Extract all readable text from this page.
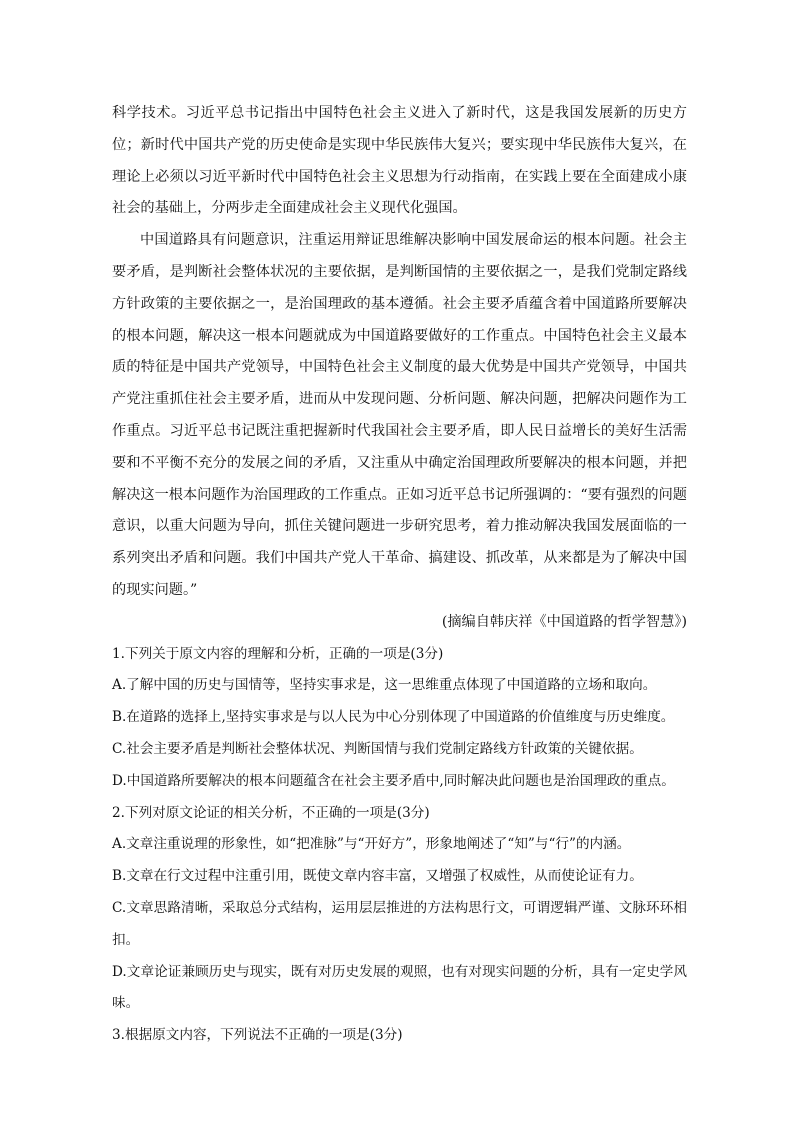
科学技术。习近平总书记指出中国特色社会主义进入了新时代，这是我国发展新的历史方位；新时代中国共产党的历史使命是实现中华民族伟大复兴；要实现中华民族伟大复兴，在理论上必须以习近平新时代中国特色社会主义思想为行动指南，在实践上要在全面建成小康社会的基础上，分两步走全面建成社会主义现代化强国。

中国道路具有问题意识，注重运用辩证思维解决影响中国发展命运的根本问题。社会主要矛盾，是判断社会整体状况的主要依据，是判断国情的主要依据之一，是我们党制定路线方针政策的主要依据之一，是治国理政的基本遵循。社会主要矛盾蕴含着中国道路所要解决的根本问题，解决这一根本问题就成为中国道路要做好的工作重点。中国特色社会主义最本质的特征是中国共产党领导，中国特色社会主义制度的最大优势是中国共产党领导，中国共产党注重抓住社会主要矛盾，进而从中发现问题、分析问题、解决问题，把解决问题作为工作重点。习近平总书记既注重把握新时代我国社会主要矛盾，即人民日益增长的美好生活需要和不平衡不充分的发展之间的矛盾，又注重从中确定治国理政所要解决的根本问题，并把解决这一根本问题作为治国理政的工作重点。正如习近平总书记所强调的：“要有强烈的问题意识，以重大问题为导向，抓住关键问题进一步研究思考，着力推动解决我国发展面临的一系列突出矛盾和问题。我们中国共产党人干革命、搞建设、抓改革，从来都是为了解决中国的现实问题。”

(摘编自韩庆祥《中国道路的哲学智慧》)

1.下列关于原文内容的理解和分析，正确的一项是(3分)

A.了解中国的历史与国情等，坚持实事求是，这一思维重点体现了中国道路的立场和取向。

B.在道路的选择上,坚持实事求是与以人民为中心分别体现了中国道路的价值维度与历史维度。

C.社会主要矛盾是判断社会整体状况、判断国情与我们党制定路线方针政策的关键依据。

D.中国道路所要解决的根本问题蕴含在社会主要矛盾中,同时解决此问题也是治国理政的重点。

2.下列对原文论证的相关分析，不正确的一项是(3分)

A.文章注重说理的形象性，如“把准脉”与“开好方”，形象地阐述了“知”与“行”的内涵。

B.文章在行文过程中注重引用，既使文章内容丰富，又增强了权威性，从而使论证有力。

C.文章思路清晰，采取总分式结构，运用层层推进的方法构思行文，可谓逻辑严谨、文脉环环相扣。

D.文章论证兼顾历史与现实，既有对历史发展的观照，也有对现实问题的分析，具有一定史学风味。

3.根据原文内容，下列说法不正确的一项是(3分)
